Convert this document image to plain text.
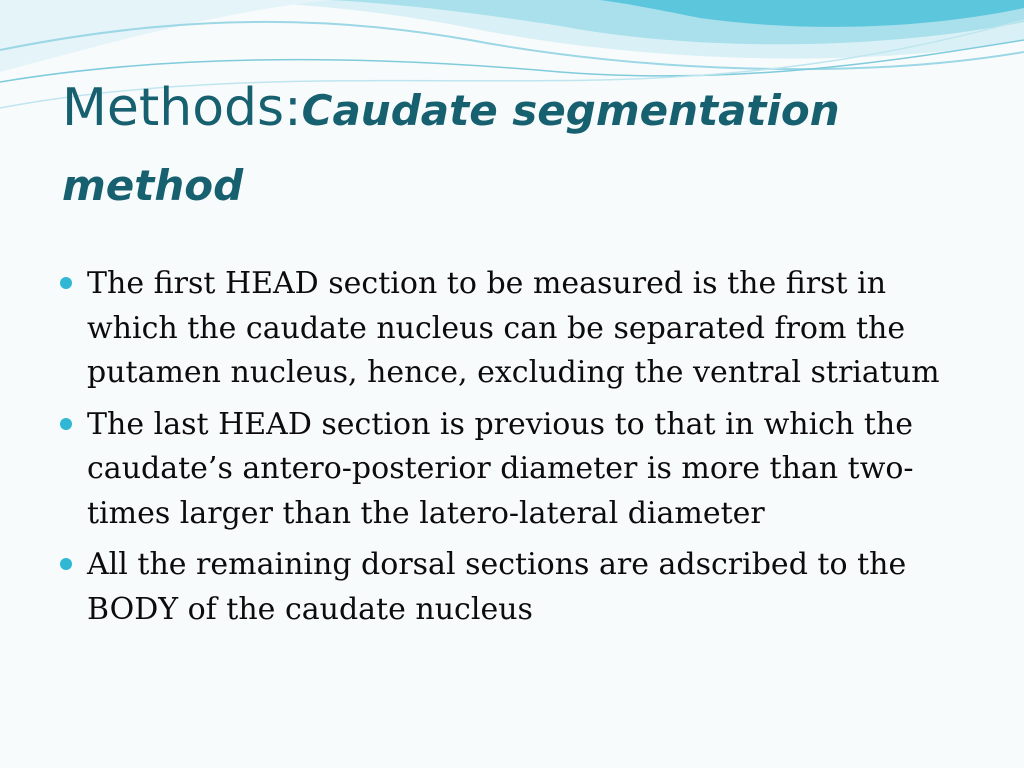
Methods:Caudate segmentation method
The first HEAD section to be measured is the first in which the caudate nucleus can be separated from the putamen nucleus, hence, excluding the ventral striatum
The last HEAD section is previous to that in which the caudate’s antero-posterior diameter is more than two-times larger than the latero-lateral diameter
All the remaining dorsal sections are adscribed to the BODY of the caudate nucleus
